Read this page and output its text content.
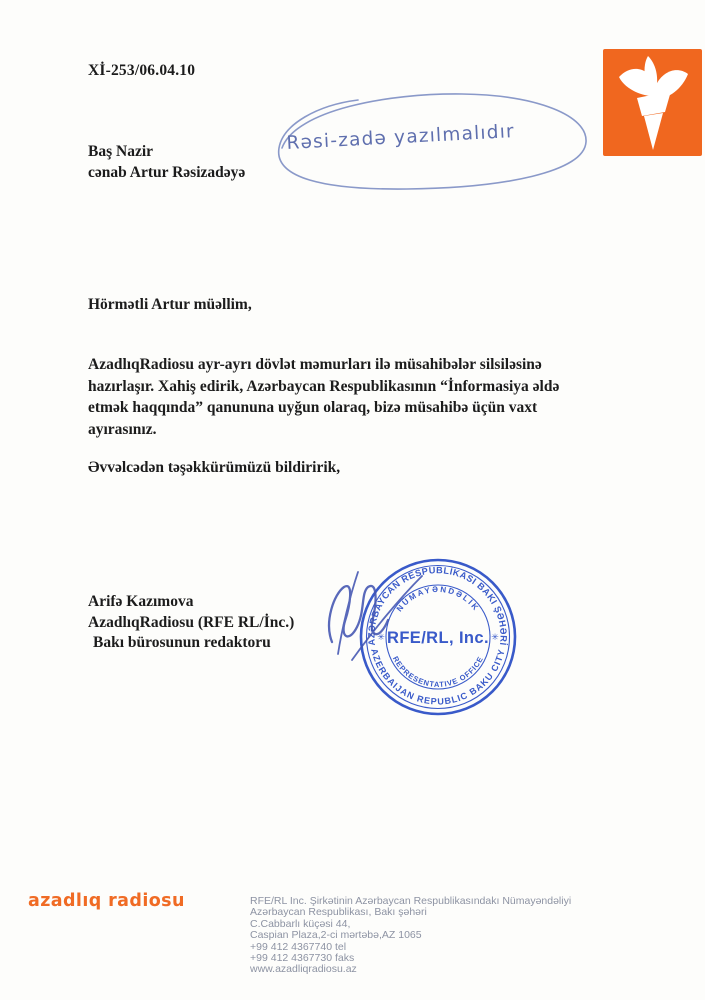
Xİ-253/06.04.10
Baş Nazir
cənab Artur Rəsizadəyə
Rəsi-zadə yazılmalıdır
Hörmətli Artur müəllim,
AzadlıqRadiosu ayr-ayrı dövlət məmurları ilə müsahibələr silsiləsinə
hazırlaşır. Xahiş edirik, Azərbaycan Respublikasının “İnformasiya əldə
etmək haqqında” qanununa uyğun olaraq, bizə müsahibə üçün vaxt
ayırasınız.
Əvvəlcədən təşəkkürümüzü bildiririk,
Arifə Kazımova
AzadlıqRadiosu (RFE RL/İnc.)
Bakı bürosunun redaktoru	AZƏRBAYCAN RESPUBLİKASI BAKI ŞƏHƏRİ
NÜMAYƏNDƏLİK
RFE/RL, Inc.
REPRESENTATIVE OFFICE
AZERBAIJAN REPUBLIC BAKU CITY
✳	✳
azadlıq radiosu	RFE/RL Inc. Şirkətinin Azərbaycan Respublikasındakı Nümayəndəliyi
Azərbaycan Respublikası, Bakı şəhəri
C.Cabbarlı küçəsi 44,
Caspian Plaza,2-ci mərtəbə,AZ 1065
+99 412 4367740 tel
+99 412 4367730 faks
www.azadliqradiosu.az
